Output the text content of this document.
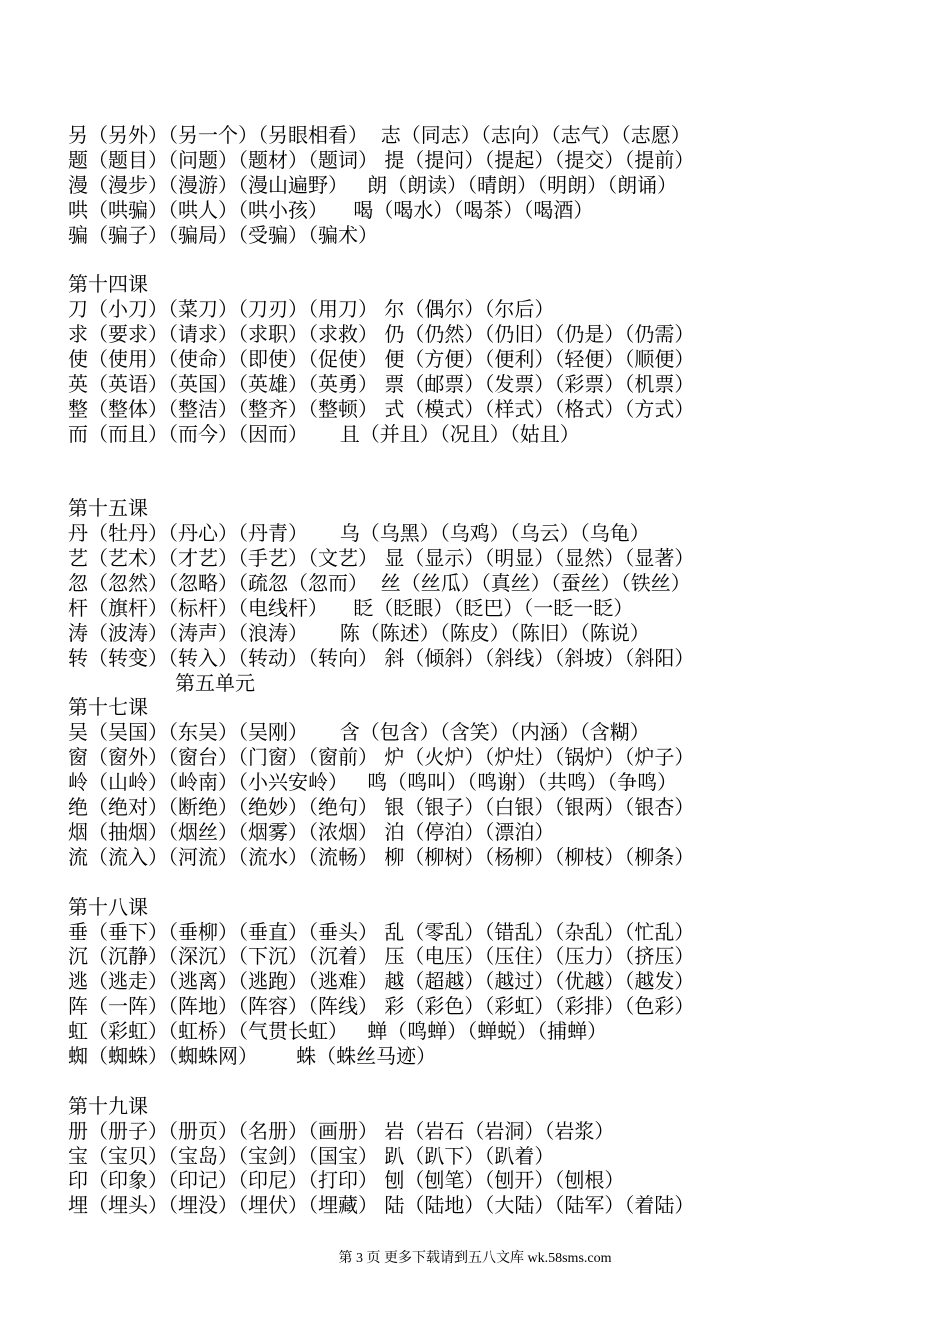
另（另外）（另一个）（另眼相看）  志（同志）（志向）（志气）（志愿）
题（题目）（问题）（题材）（题词） 提（提问）（提起）（提交）（提前）
漫（漫步）（漫游）（漫山遍野）   朗（朗读）（晴朗）（明朗）（朗诵）
哄（哄骗）（哄人）（哄小孩）    喝（喝水）（喝茶）（喝酒）
骗（骗子）（骗局）（受骗）（骗术）
第十四课
刀（小刀）（菜刀）（刀刃）（用刀） 尔（偶尔）（尔后）
求（要求）（请求）（求职）（求救） 仍（仍然）（仍旧）（仍是）（仍需）
使（使用）（使命）（即使）（促使） 便（方便）（便利）（轻便）（顺便）
英（英语）（英国）（英雄）（英勇） 票（邮票）（发票）（彩票）（机票）
整（整体）（整洁）（整齐）（整顿） 式（模式）（样式）（格式）（方式）
而（而且）（而今）（因而）     且（并且）（况且）（姑且）
第十五课
丹（牡丹）（丹心）（丹青）     乌（乌黑）（乌鸡）（乌云）（乌龟）
艺（艺术）（才艺）（手艺）（文艺） 显（显示）（明显）（显然）（显著）
忽（忽然）（忽略）（疏忽（忽而）  丝（丝瓜）（真丝）（蚕丝）（铁丝）
杆（旗杆）（标杆）（电线杆）    眨（眨眼）（眨巴）（一眨一眨）
涛（波涛）（涛声）（浪涛）     陈（陈述）（陈皮）（陈旧）（陈说）
转（转变）（转入）（转动）（转向） 斜（倾斜）（斜线）（斜坡）（斜阳）
第五单元
第十七课
吴（吴国）（东吴）（吴刚）     含（包含）（含笑）（内涵）（含糊）
窗（窗外）（窗台）（门窗）（窗前） 炉（火炉）（炉灶）（锅炉）（炉子）
岭（山岭）（岭南）（小兴安岭）   鸣（鸣叫）（鸣谢）（共鸣）（争鸣）
绝（绝对）（断绝）（绝妙）（绝句） 银（银子）（白银）（银两）（银杏）
烟（抽烟）（烟丝）（烟雾）（浓烟） 泊（停泊）（漂泊）
流（流入）（河流）（流水）（流畅） 柳（柳树）（杨柳）（柳枝）（柳条）
第十八课
垂（垂下）（垂柳）（垂直）（垂头） 乱（零乱）（错乱）（杂乱）（忙乱）
沉（沉静）（深沉）（下沉）（沉着） 压（电压）（压住）（压力）（挤压）
逃（逃走）（逃离）（逃跑）（逃难） 越（超越）（越过）（优越）（越发）
阵（一阵）（阵地）（阵容）（阵线） 彩（彩色）（彩虹）（彩排）（色彩）
虹（彩虹）（虹桥）（气贯长虹）   蝉（鸣蝉）（蝉蜕）（捕蝉）
蜘（蜘蛛）（蜘蛛网）      蛛（蛛丝马迹）
第十九课
册（册子）（册页）（名册）（画册） 岩（岩石（岩洞）（岩浆）
宝（宝贝）（宝岛）（宝剑）（国宝） 趴（趴下）（趴着）
印（印象）（印记）（印尼）（打印） 刨（刨笔）（刨开）（刨根）
埋（埋头）（埋没）（埋伏）（埋藏） 陆（陆地）（大陆）（陆军）（着陆）
第 3 页 更多下载请到五八文库 wk.58sms.com
